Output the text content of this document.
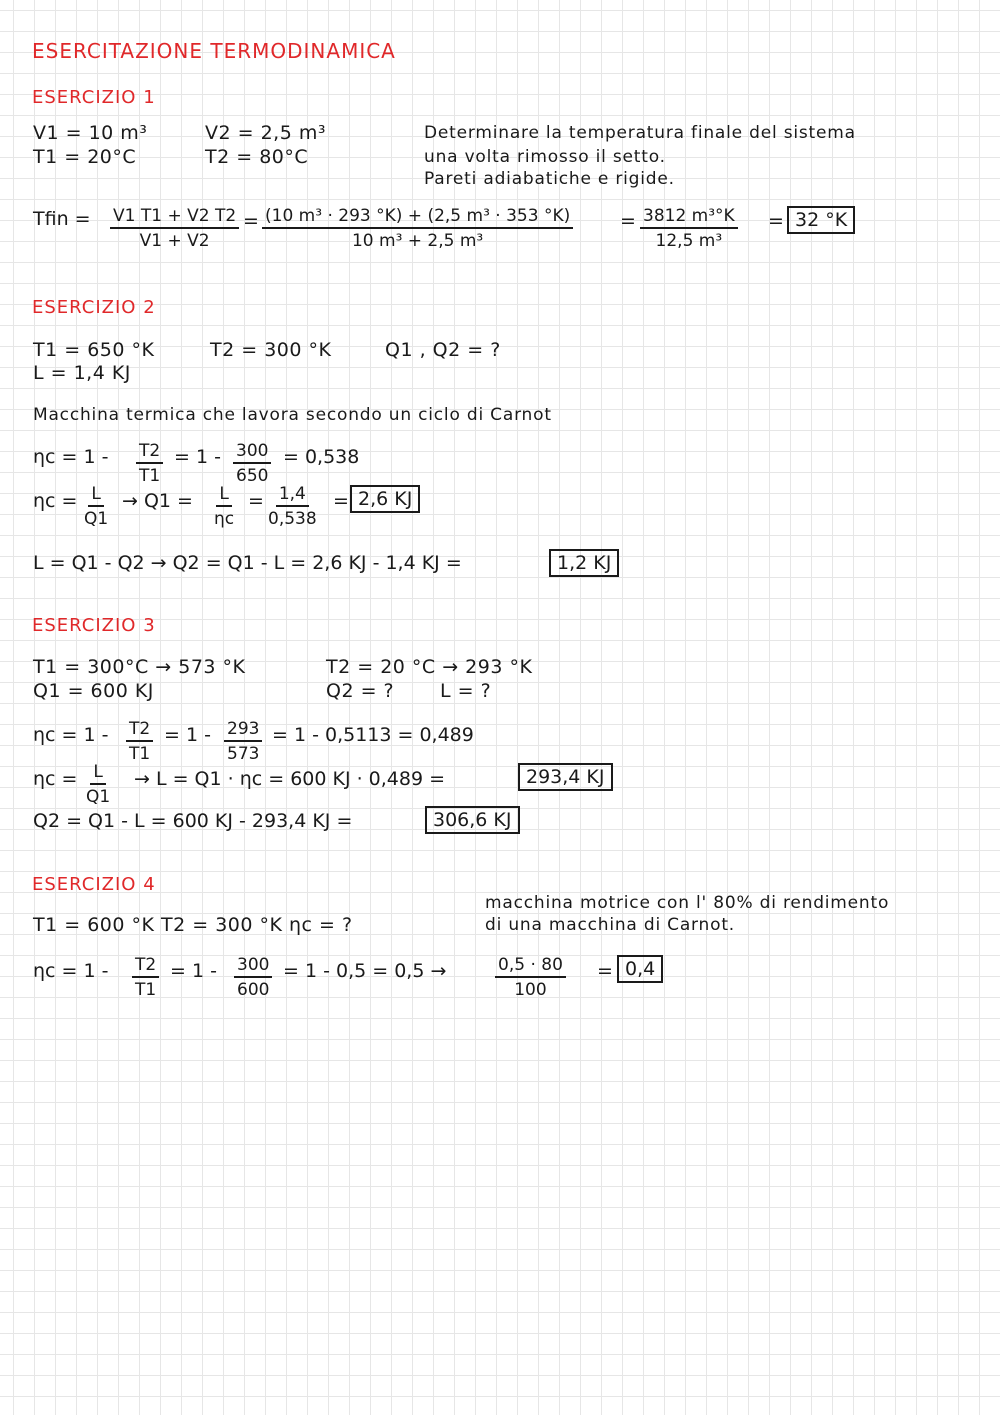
ESERCITAZIONE TERMODINAMICA
ESERCIZIO 1
V1 = 10 m³
T1 = 20°C
V2 = 2,5 m³
T2 = 80°C
Determinare la temperatura finale del sistema
una volta rimosso il setto.
Pareti adiabatiche e rigide.
Tfin = $\frac{V1 T1 + V2 T2}{V1 + V2} = \frac{\text{(10 m³ · 293 °K) + (2,5 m³ · 353 °K)}}{\text{10 m³ + 2,5 m³}} = \frac{\text{3812 m³°K}}{\text{12,5 m³}} = 32$ °K
ESERCIZIO 2
T1 = 650 °K	T2 = 300 °K	Q1 , Q2 = ?
L = 1,4 KJ
Macchina termica che lavora secondo un ciclo di Carnot
$\eta c = 1 - \frac{T2}{T1} = 1 - \frac{300}{650} = 0,538$
$\eta c = \frac{L}{Q1} \to Q1 = \frac{L}{\eta c} = \frac{1,4}{0,538} = 2,6$ KJ
L = Q1 - Q2 → Q2 = Q1 - L = 2,6 KJ - 1,4 KJ =	1,2 KJ
ESERCIZIO 3
T1 = 300°C → 573 °K	T2 = 20 °C → 293 °K
Q1 = 600 KJ	Q2 = ? L = ?
$\eta c = 1 - \frac{T2}{T1} = 1 - \frac{293}{573} = 1 - 0,5113 = 0,489$
$\eta c = \frac{L}{Q1} \to L = Q1 \cdot \eta c = 600$ KJ · 0,489 =	293,4 KJ
Q2 = Q1 - L = 600 KJ - 293,4 KJ =	306,6 KJ
ESERCIZIO 4
T1 = 600 °K T2 = 300 °K ηc = ?
macchina motrice con l' 80% di rendimento
di una macchina di Carnot.
$\eta c = 1 - \frac{T2}{T1} = 1 - \frac{300}{600} = 1 - 0,5 = 0,5$ →	$\frac{0,5 \cdot 80}{100} = 0,4$
